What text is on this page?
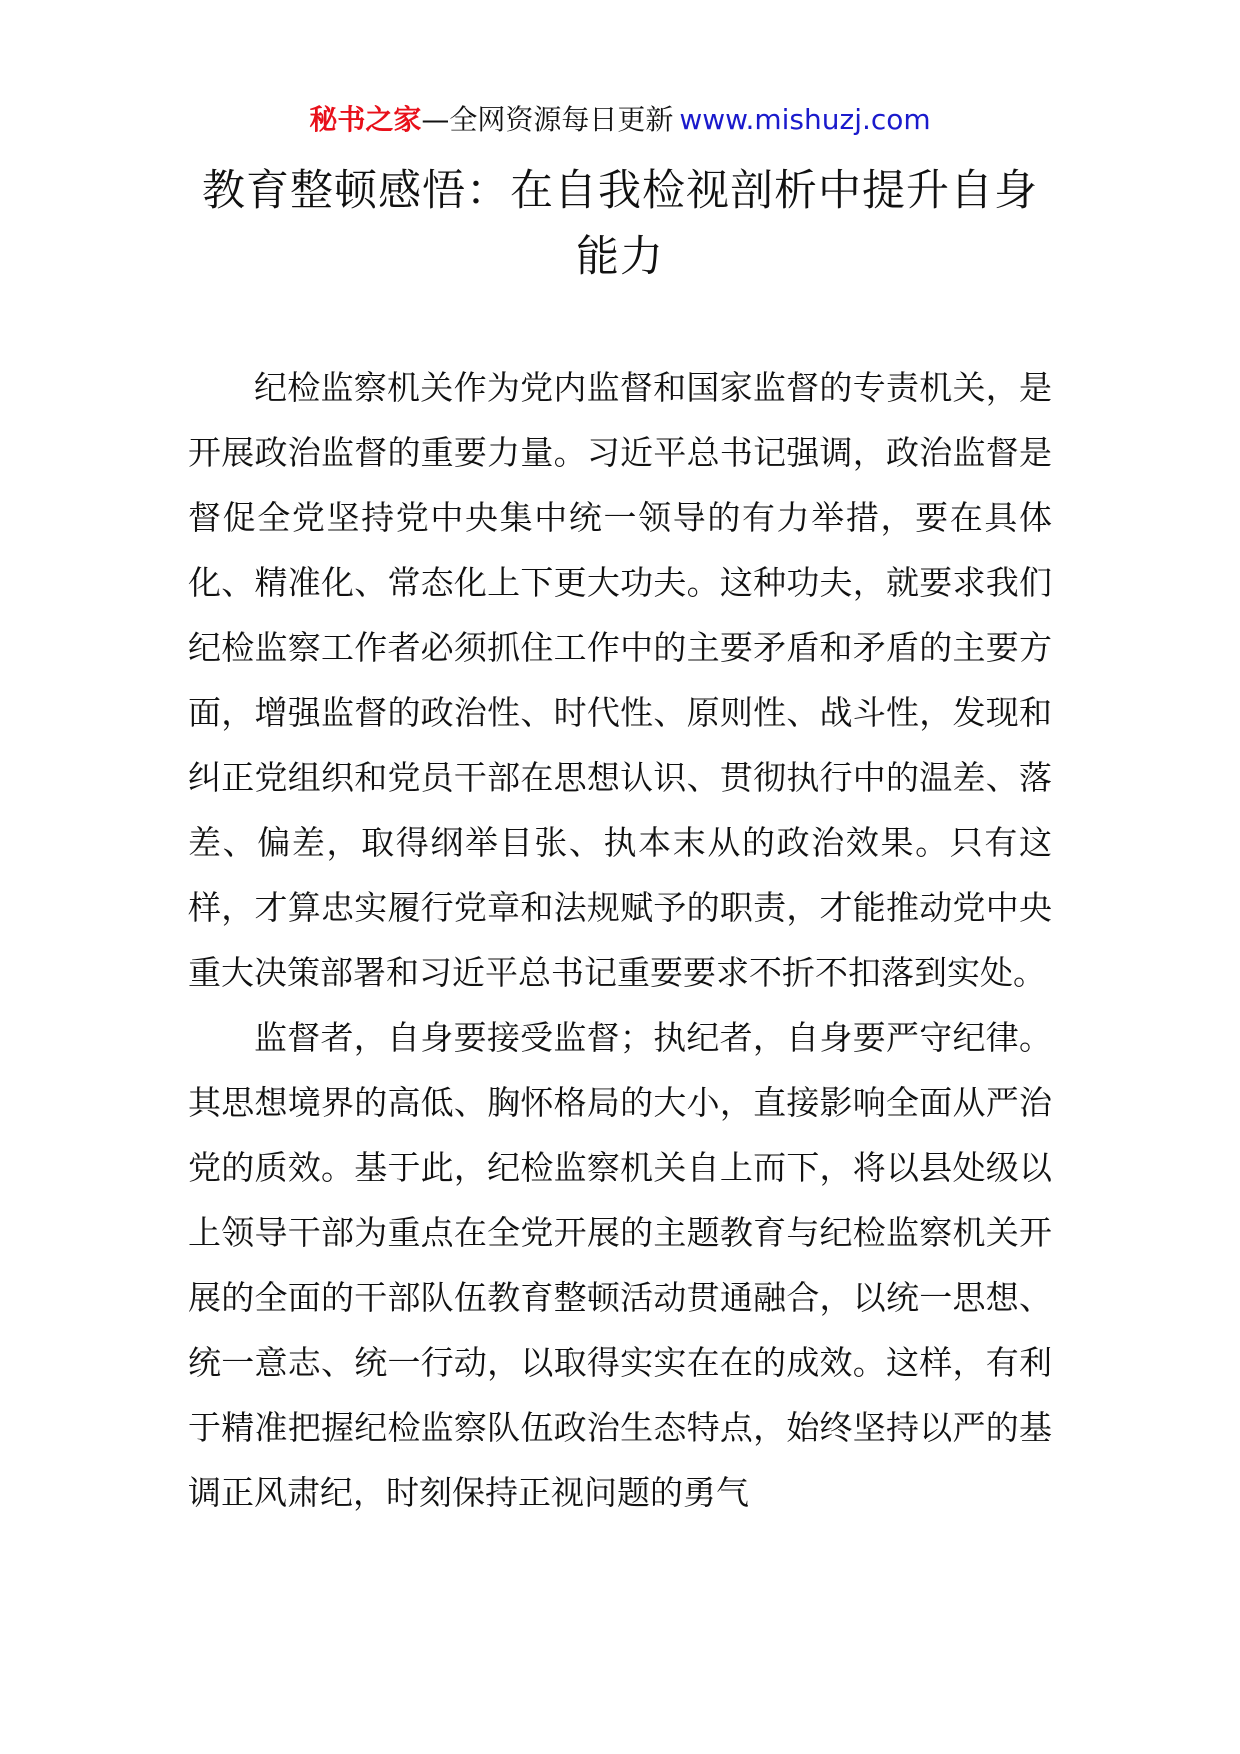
秘书之家—全网资源每日更新 www.mishuzj.com
教育整顿感悟：在自我检视剖析中提升自身能力

纪检监察机关作为党内监督和国家监督的专责机关，是开展政治监督的重要力量。习近平总书记强调，政治监督是督促全党坚持党中央集中统一领导的有力举措，要在具体化、精准化、常态化上下更大功夫。这种功夫，就要求我们纪检监察工作者必须抓住工作中的主要矛盾和矛盾的主要方面，增强监督的政治性、时代性、原则性、战斗性，发现和纠正党组织和党员干部在思想认识、贯彻执行中的温差、落差、偏差，取得纲举目张、执本末从的政治效果。只有这样，才算忠实履行党章和法规赋予的职责，才能推动党中央重大决策部署和习近平总书记重要要求不折不扣落到实处。

监督者，自身要接受监督；执纪者，自身要严守纪律。其思想境界的高低、胸怀格局的大小，直接影响全面从严治党的质效。基于此，纪检监察机关自上而下，将以县处级以上领导干部为重点在全党开展的主题教育与纪检监察机关开展的全面的干部队伍教育整顿活动贯通融合，以统一思想、统一意志、统一行动，以取得实实在在的成效。这样，有利于精准把握纪检监察队伍政治生态特点，始终坚持以严的基调正风肃纪，时刻保持正视问题的勇气
